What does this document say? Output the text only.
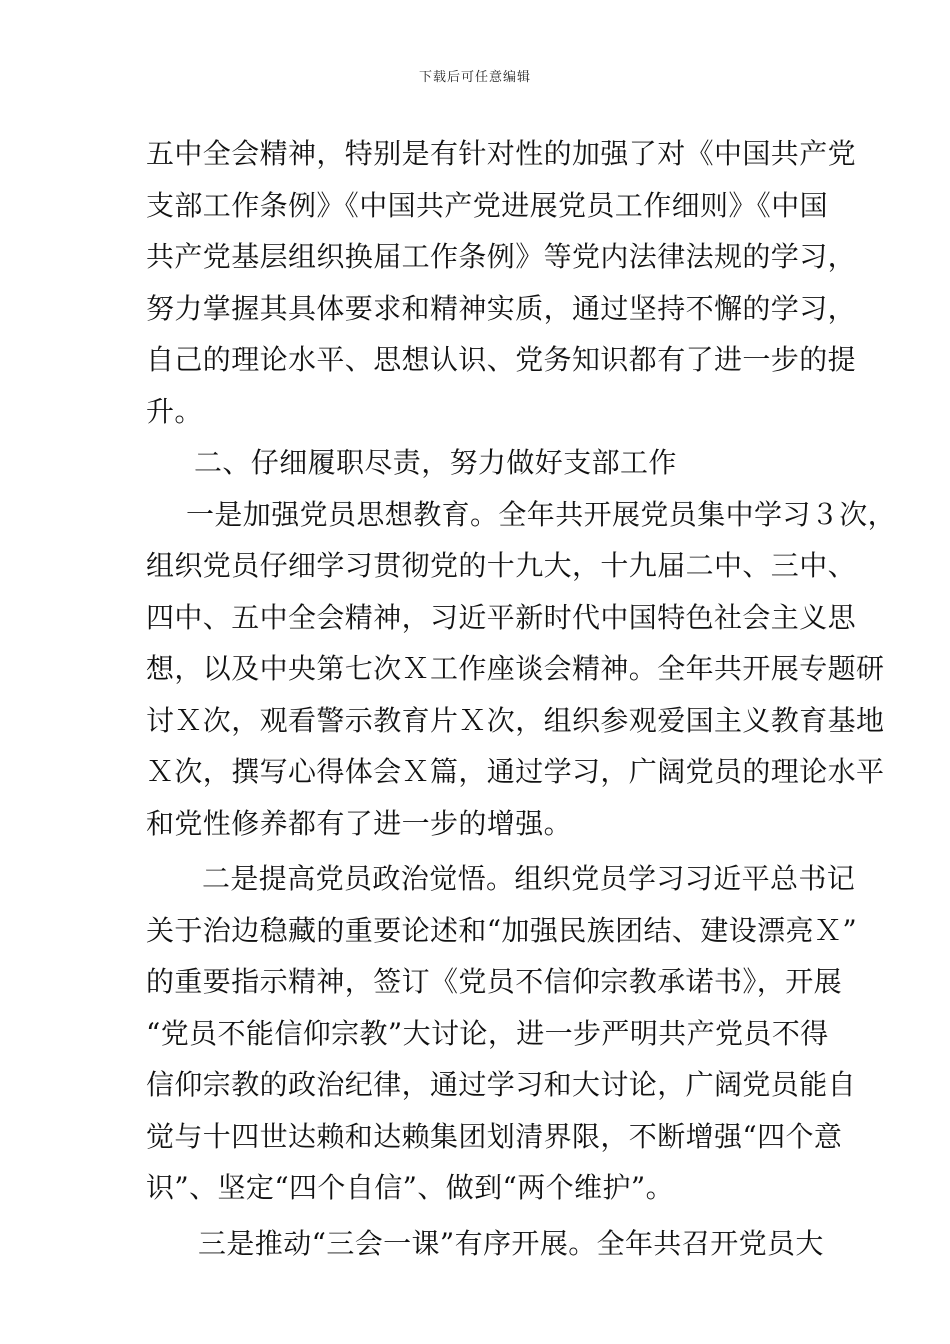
下载后可任意编辑
五中全会精神，特别是有针对性的加强了对《中国共产党
支部工作条例》《中国共产党进展党员工作细则》《中国
共产党基层组织换届工作条例》等党内法律法规的学习，
努力掌握其具体要求和精神实质，通过坚持不懈的学习，
自己的理论水平、思想认识、党务知识都有了进一步的提
升。
二、仔细履职尽责，努力做好支部工作
一是加强党员思想教育。全年共开展党员集中学习３次，
组织党员仔细学习贯彻党的十九大，十九届二中、三中、
四中、五中全会精神，习近平新时代中国特色社会主义思
想，以及中央第七次Ｘ工作座谈会精神。全年共开展专题研
讨Ｘ次，观看警示教育片Ｘ次，组织参观爱国主义教育基地
Ｘ次，撰写心得体会Ｘ篇，通过学习，广阔党员的理论水平
和党性修养都有了进一步的增强。
二是提高党员政治觉悟。组织党员学习习近平总书记
关于治边稳藏的重要论述和“加强民族团结、建设漂亮Ｘ”
的重要指示精神，签订《党员不信仰宗教承诺书》，开展
“党员不能信仰宗教”大讨论，进一步严明共产党员不得
信仰宗教的政治纪律，通过学习和大讨论，广阔党员能自
觉与十四世达赖和达赖集团划清界限，不断增强“四个意
识”、坚定“四个自信”、做到“两个维护”。
三是推动“三会一课”有序开展。全年共召开党员大
